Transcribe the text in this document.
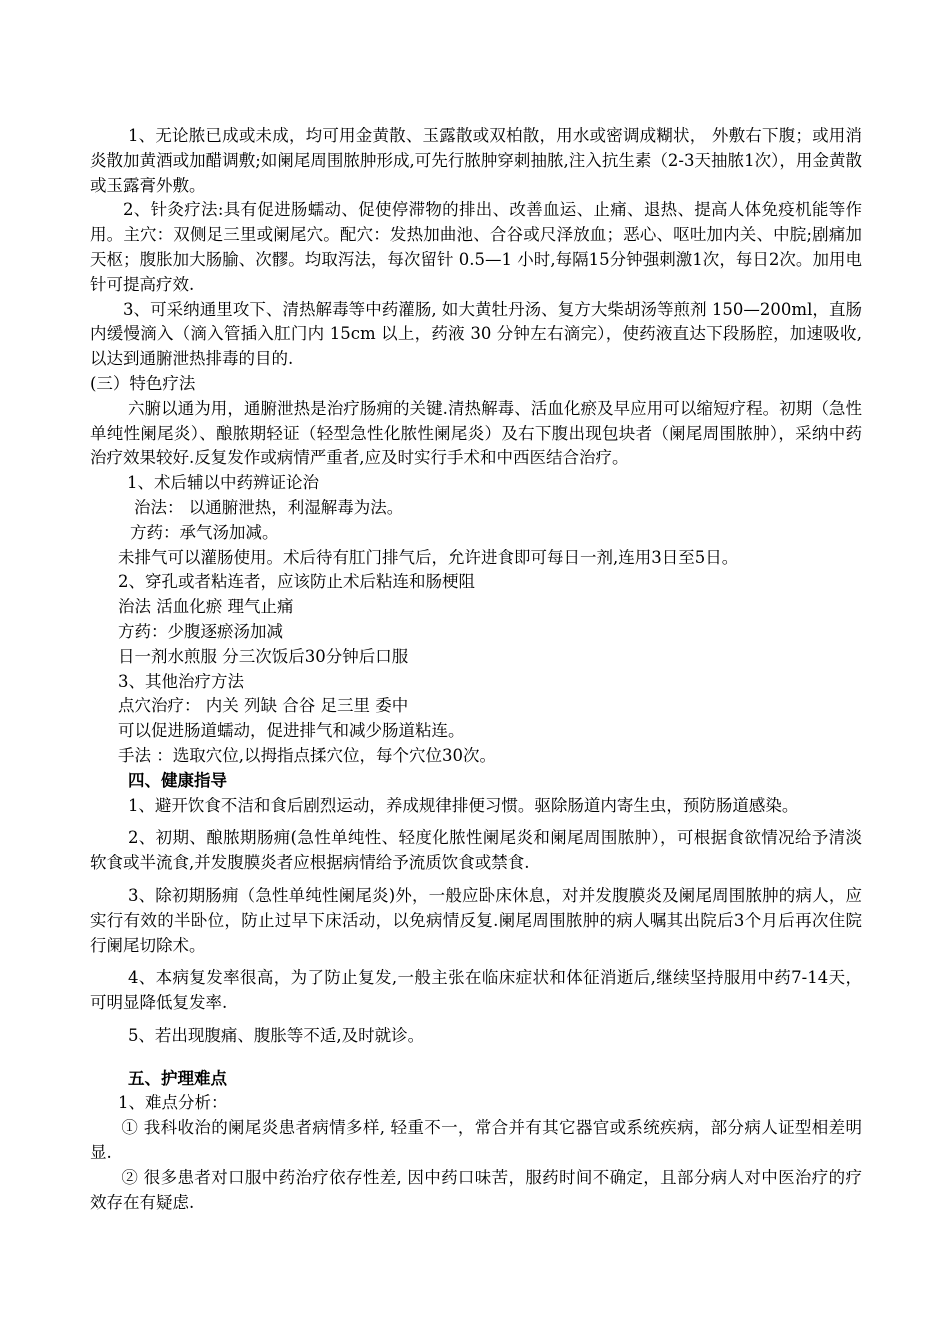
1、无论脓已成或未成，均可用金黄散、玉露散或双柏散，用水或密调成糊状， 外敷右下腹；或用消炎散加黄酒或加醋调敷;如阑尾周围脓肿形成,可先行脓肿穿刺抽脓,注入抗生素（2-3天抽脓1次），用金黄散或玉露膏外敷。

2、针灸疗法:具有促进肠蠕动、促使停滞物的排出、改善血运、止痛、退热、提高人体免疫机能等作用。主穴：双侧足三里或阑尾穴。配穴：发热加曲池、合谷或尺泽放血；恶心、呕吐加内关、中脘;剧痛加天枢；腹胀加大肠腧、次髎。均取泻法，每次留针 0.5—1 小时,每隔15分钟强刺激1次，每日2次。加用电针可提高疗效.

3、可采纳通里攻下、清热解毒等中药灌肠, 如大黄牡丹汤、复方大柴胡汤等煎剂 150—200ml，直肠内缓慢滴入（滴入管插入肛门内 15cm 以上，药液 30 分钟左右滴完），使药液直达下段肠腔，加速吸收, 以达到通腑泄热排毒的目的.

(三）特色疗法

六腑以通为用，通腑泄热是治疗肠痈的关键.清热解毒、活血化瘀及早应用可以缩短疗程。初期（急性单纯性阑尾炎）、酿脓期轻证（轻型急性化脓性阑尾炎）及右下腹出现包块者（阑尾周围脓肿），采纳中药治疗效果较好.反复发作或病情严重者,应及时实行手术和中西医结合治疗。

1、术后辅以中药辨证论治

治法： 以通腑泄热，利湿解毒为法。

方药：承气汤加减。

未排气可以灌肠使用。术后待有肛门排气后，允许进食即可每日一剂,连用3日至5日。

2、穿孔或者粘连者，应该防止术后粘连和肠梗阻

治法 活血化瘀 理气止痛

方药：少腹逐瘀汤加减

日一剂水煎服 分三次饭后30分钟后口服

3、其他治疗方法

点穴治疗： 内关 列缺 合谷 足三里 委中

可以促进肠道蠕动，促进排气和减少肠道粘连。

手法 ：选取穴位,以拇指点揉穴位，每个穴位30次。

四、健康指导

1、避开饮食不洁和食后剧烈运动，养成规律排便习惯。驱除肠道内寄生虫，预防肠道感染。

2、初期、酿脓期肠痈(急性单纯性、轻度化脓性阑尾炎和阑尾周围脓肿），可根据食欲情况给予清淡软食或半流食,并发腹膜炎者应根据病情给予流质饮食或禁食.

3、除初期肠痈（急性单纯性阑尾炎)外，一般应卧床休息，对并发腹膜炎及阑尾周围脓肿的病人，应实行有效的半卧位，防止过早下床活动，以免病情反复.阑尾周围脓肿的病人嘱其出院后3个月后再次住院行阑尾切除术。

4、本病复发率很高，为了防止复发,一般主张在临床症状和体征消逝后,继续坚持服用中药7-14天，可明显降低复发率.

5、若出现腹痛、腹胀等不适,及时就诊。

五、护理难点

1、难点分析：

① 我科收治的阑尾炎患者病情多样, 轻重不一，常合并有其它器官或系统疾病，部分病人证型相差明显.

② 很多患者对口服中药治疗依存性差, 因中药口味苦，服药时间不确定，且部分病人对中医治疗的疗效存在有疑虑.
